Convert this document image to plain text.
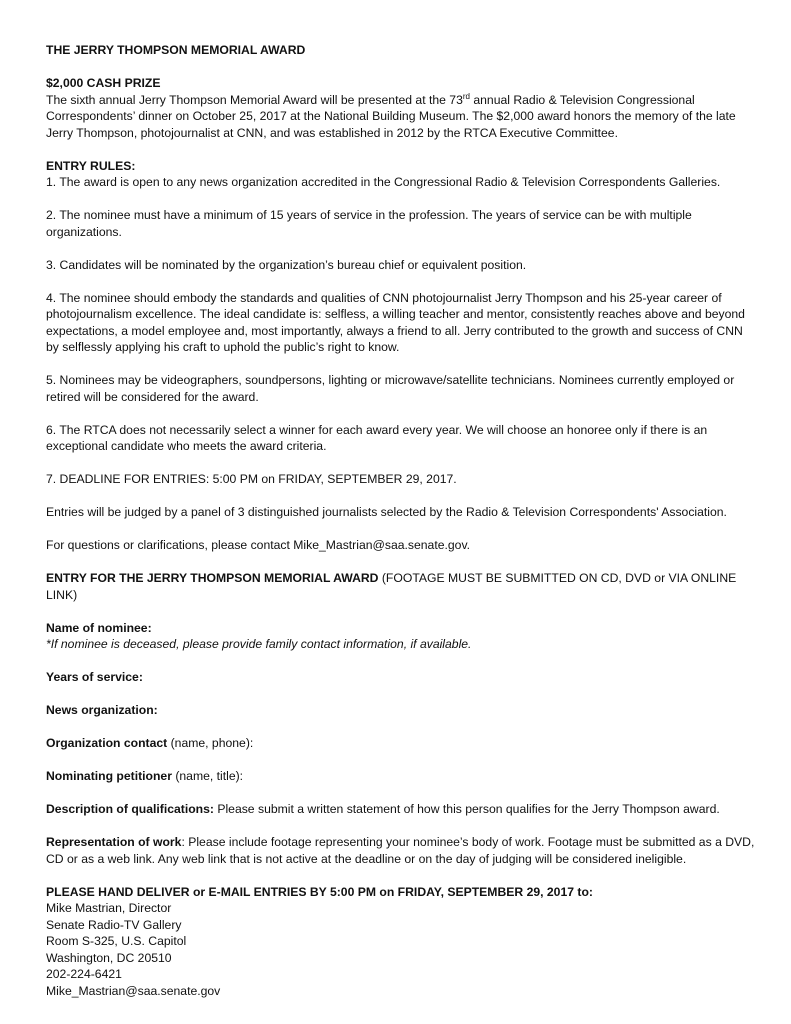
THE JERRY THOMPSON MEMORIAL AWARD

$2,000 CASH PRIZE

The sixth annual Jerry Thompson Memorial Award will be presented at the 73rd annual Radio & Television Congressional Correspondents’ dinner on October 25, 2017 at the National Building Museum. The $2,000 award honors the memory of the late Jerry Thompson, photojournalist at CNN, and was established in 2012 by the RTCA Executive Committee.

ENTRY RULES:

1. The award is open to any news organization accredited in the Congressional Radio & Television Correspondents Galleries.

2. The nominee must have a minimum of 15 years of service in the profession. The years of service can be with multiple organizations.

3. Candidates will be nominated by the organization’s bureau chief or equivalent position.

4. The nominee should embody the standards and qualities of CNN photojournalist Jerry Thompson and his 25-year career of photojournalism excellence. The ideal candidate is: selfless, a willing teacher and mentor, consistently reaches above and beyond expectations, a model employee and, most importantly, always a friend to all. Jerry contributed to the growth and success of CNN by selflessly applying his craft to uphold the public’s right to know.

5. Nominees may be videographers, soundpersons, lighting or microwave/satellite technicians. Nominees currently employed or retired will be considered for the award.

6. The RTCA does not necessarily select a winner for each award every year. We will choose an honoree only if there is an exceptional candidate who meets the award criteria.

7. DEADLINE FOR ENTRIES: 5:00 PM on FRIDAY, SEPTEMBER 29, 2017.

Entries will be judged by a panel of 3 distinguished journalists selected by the Radio & Television Correspondents' Association.

For questions or clarifications, please contact Mike_Mastrian@saa.senate.gov.

ENTRY FOR THE JERRY THOMPSON MEMORIAL AWARD (FOOTAGE MUST BE SUBMITTED ON CD, DVD or VIA ONLINE LINK)

Name of nominee:

*If nominee is deceased, please provide family contact information, if available.

Years of service:

News organization:

Organization contact (name, phone):

Nominating petitioner (name, title):

Description of qualifications: Please submit a written statement of how this person qualifies for the Jerry Thompson award.

Representation of work: Please include footage representing your nominee’s body of work. Footage must be submitted as a DVD, CD or as a web link. Any web link that is not active at the deadline or on the day of judging will be considered ineligible.

PLEASE HAND DELIVER or E-MAIL ENTRIES BY 5:00 PM on FRIDAY, SEPTEMBER 29, 2017 to:

Mike Mastrian, Director

Senate Radio-TV Gallery

Room S-325, U.S. Capitol

Washington, DC 20510

202-224-6421

Mike_Mastrian@saa.senate.gov
